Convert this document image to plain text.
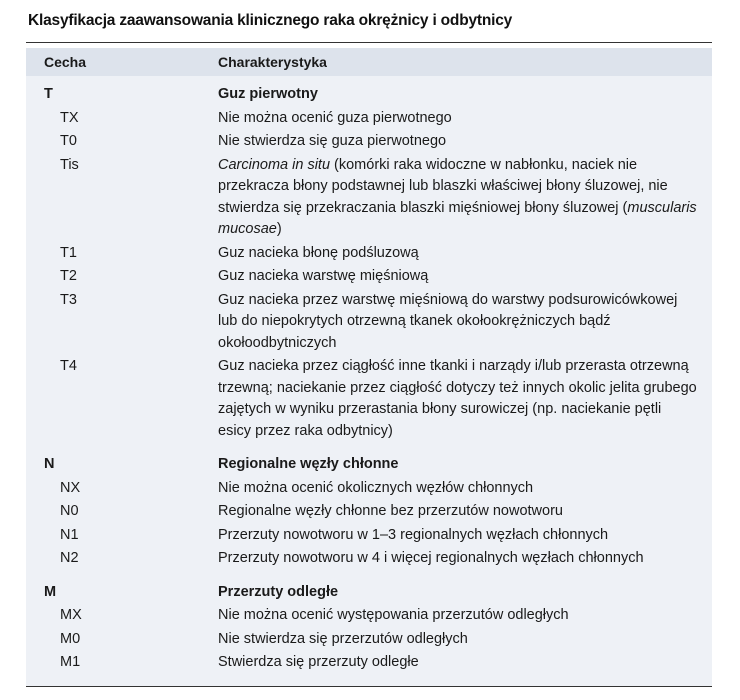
Klasyfikacja zaawansowania klinicznego raka okrężnicy i odbytnicy
Cecha	Charakterystyka
T	Guz pierwotny
TX	Nie można ocenić guza pierwotnego
T0	Nie stwierdza się guza pierwotnego
Tis	Carcinoma in situ (komórki raka widoczne w nabłonku, naciek nie przekracza błony podstawnej lub blaszki właściwej błony śluzowej, nie stwierdza się przekraczania blaszki mięśniowej błony śluzowej (muscularis mucosae)
T1	Guz nacieka błonę podśluzową
T2	Guz nacieka warstwę mięśniową
T3	Guz nacieka przez warstwę mięśniową do warstwy podsurowicówkowej lub do niepokrytych otrzewną tkanek okołookrężniczych bądź okołoodbytniczych
T4	Guz nacieka przez ciągłość inne tkanki i narządy i/lub przerasta otrzewną trzewną; naciekanie przez ciągłość dotyczy też innych okolic jelita grubego zajętych w wyniku przerastania błony surowiczej (np. naciekanie pętli esicy przez raka odbytnicy)
N	Regionalne węzły chłonne
NX	Nie można ocenić okolicznych węzłów chłonnych
N0	Regionalne węzły chłonne bez przerzutów nowotworu
N1	Przerzuty nowotworu w 1–3 regionalnych węzłach chłonnych
N2	Przerzuty nowotworu w 4 i więcej regionalnych węzłach chłonnych
M	Przerzuty odległe
MX	Nie można ocenić występowania przerzutów odległych
M0	Nie stwierdza się przerzutów odległych
M1	Stwierdza się przerzuty odległe
